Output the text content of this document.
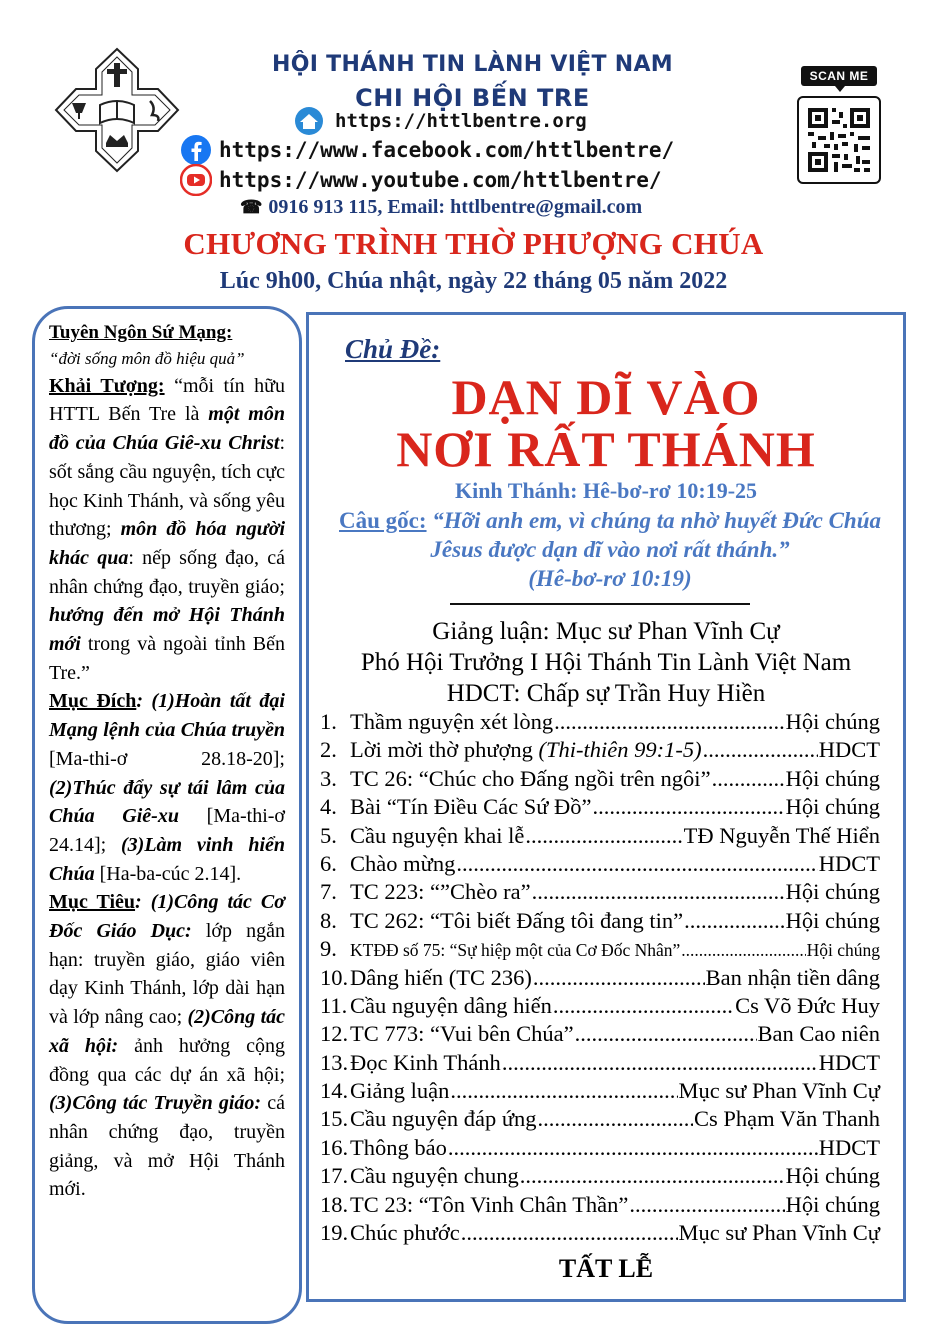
HỘI THÁNH TIN LÀNH VIỆT NAM
CHI HỘI BẾN TRE
https://httlbentre.org
https://www.facebook.com/httlbentre/
https://www.youtube.com/httlbentre/
☎ 0916 913 115, Email: httlbentre@gmail.com
SCAN ME
CHƯƠNG TRÌNH THỜ PHƯỢNG CHÚA
Lúc 9h00, Chúa nhật, ngày 22 tháng 05 năm 2022

Tuyên Ngôn Sứ Mạng:

“đời sống môn đồ hiệu quả”

Khải Tượng: “mỗi tín hữu HTTL Bến Tre là một môn đồ của Chúa Giê-xu Christ: sốt sắng cầu nguyện, tích cực học Kinh Thánh, và sống yêu thương; môn đồ hóa người khác qua: nếp sống đạo, cá nhân chứng đạo, truyền giáo; hướng đến mở Hội Thánh mới trong và ngoài tỉnh Bến Tre.”

Mục Đích: (1)Hoàn tất đại Mạng lệnh của Chúa truyền [Ma-thi-ơ 28.18-20]; (2)Thúc đẩy sự tái lâm của Chúa Giê-xu [Ma-thi-ơ 24.14]; (3)Làm vinh hiển Chúa [Ha-ba-cúc 2.14].

Mục Tiêu: (1)Công tác Cơ Đốc Giáo Dục: lớp ngắn hạn: truyền giáo, giáo viên dạy Kinh Thánh, lớp dài hạn và lớp nâng cao; (2)Công tác xã hội: ảnh hưởng cộng đồng qua các dự án xã hội; (3)Công tác Truyền giáo: cá nhân chứng đạo, truyền giảng, và mở Hội Thánh mới.

Chủ Đề:
DẠN DĨ VÀO
NƠI RẤT THÁNH
Kinh Thánh: Hê-bơ-rơ 10:19-25
Câu gốc: “Hỡi anh em, vì chúng ta nhờ huyết Đức Chúa Jêsus được dạn dĩ vào nơi rất thánh.”
(Hê-bơ-rơ 10:19)
Giảng luận: Mục sư Phan Vĩnh Cự
Phó Hội Trưởng I Hội Thánh Tin Lành Việt Nam
HDCT: Chấp sự Trần Huy Hiền
1. Thầm nguyện xét lòng .....	Hội chúng
2. Lời mời thờ phượng (Thi-thiên 99:1-5) .....	HDCT
3. TC 26: “Chúc cho Đấng ngồi trên ngôi” .....	Hội chúng
4. Bài “Tín Điều Các Sứ Đồ” .....	Hội chúng
5. Cầu nguyện khai lễ .....	TĐ Nguyễn Thế Hiển
6. Chào mừng .....	HDCT
7. TC 223: “”Chèo ra” .....	Hội chúng
8. TC 262: “Tôi biết Đấng tôi đang tin” .....	Hội chúng
9. KTĐĐ số 75: “Sự hiệp một của Cơ Đốc Nhân” .....	Hội chúng
10. Dâng hiến (TC 236) .....	Ban nhận tiền dâng
11. Cầu nguyện dâng hiến .....	Cs Võ Đức Huy
12. TC 773: “Vui bên Chúa” .....	Ban Cao niên
13. Đọc Kinh Thánh .....	HDCT
14. Giảng luận .....	Mục sư Phan Vĩnh Cự
15. Cầu nguyện đáp ứng .....	Cs Phạm Văn Thanh
16. Thông báo .....	HDCT
17. Cầu nguyện chung .....	Hội chúng
18. TC 23: “Tôn Vinh Chân Thần” .....	Hội chúng
19. Chúc phước .....	Mục sư Phan Vĩnh Cự
TẤT LỄ
